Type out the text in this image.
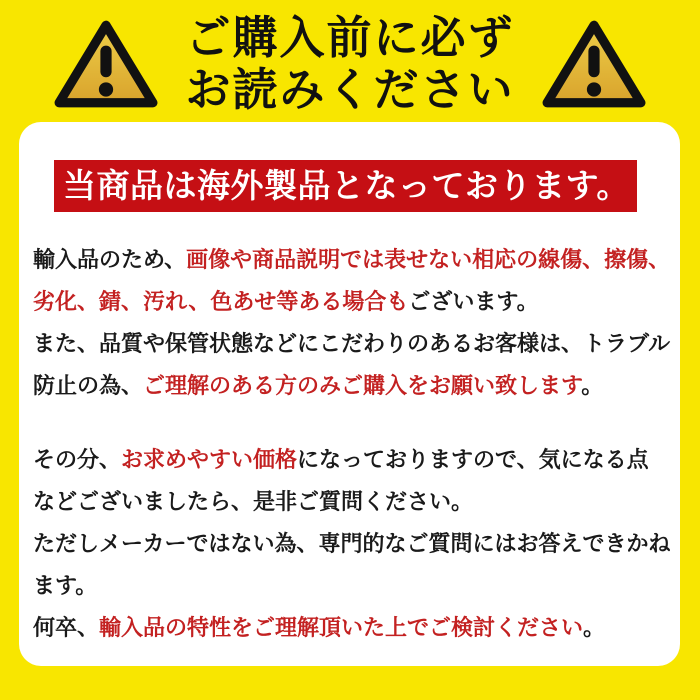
ご購入前に必ず
お読みください
当商品は海外製品となっております。
輸入品のため、画像や商品説明では表せない相応の線傷、擦傷、
劣化、錆、汚れ、色あせ等ある場合もございます。
また、品質や保管状態などにこだわりのあるお客様は、トラブル
防止の為、ご理解のある方のみご購入をお願い致します。
その分、お求めやすい価格になっておりますので、気になる点
などございましたら、是非ご質問ください。
ただしメーカーではない為、専門的なご質問にはお答えできかね
ます。
何卒、輸入品の特性をご理解頂いた上でご検討ください。
